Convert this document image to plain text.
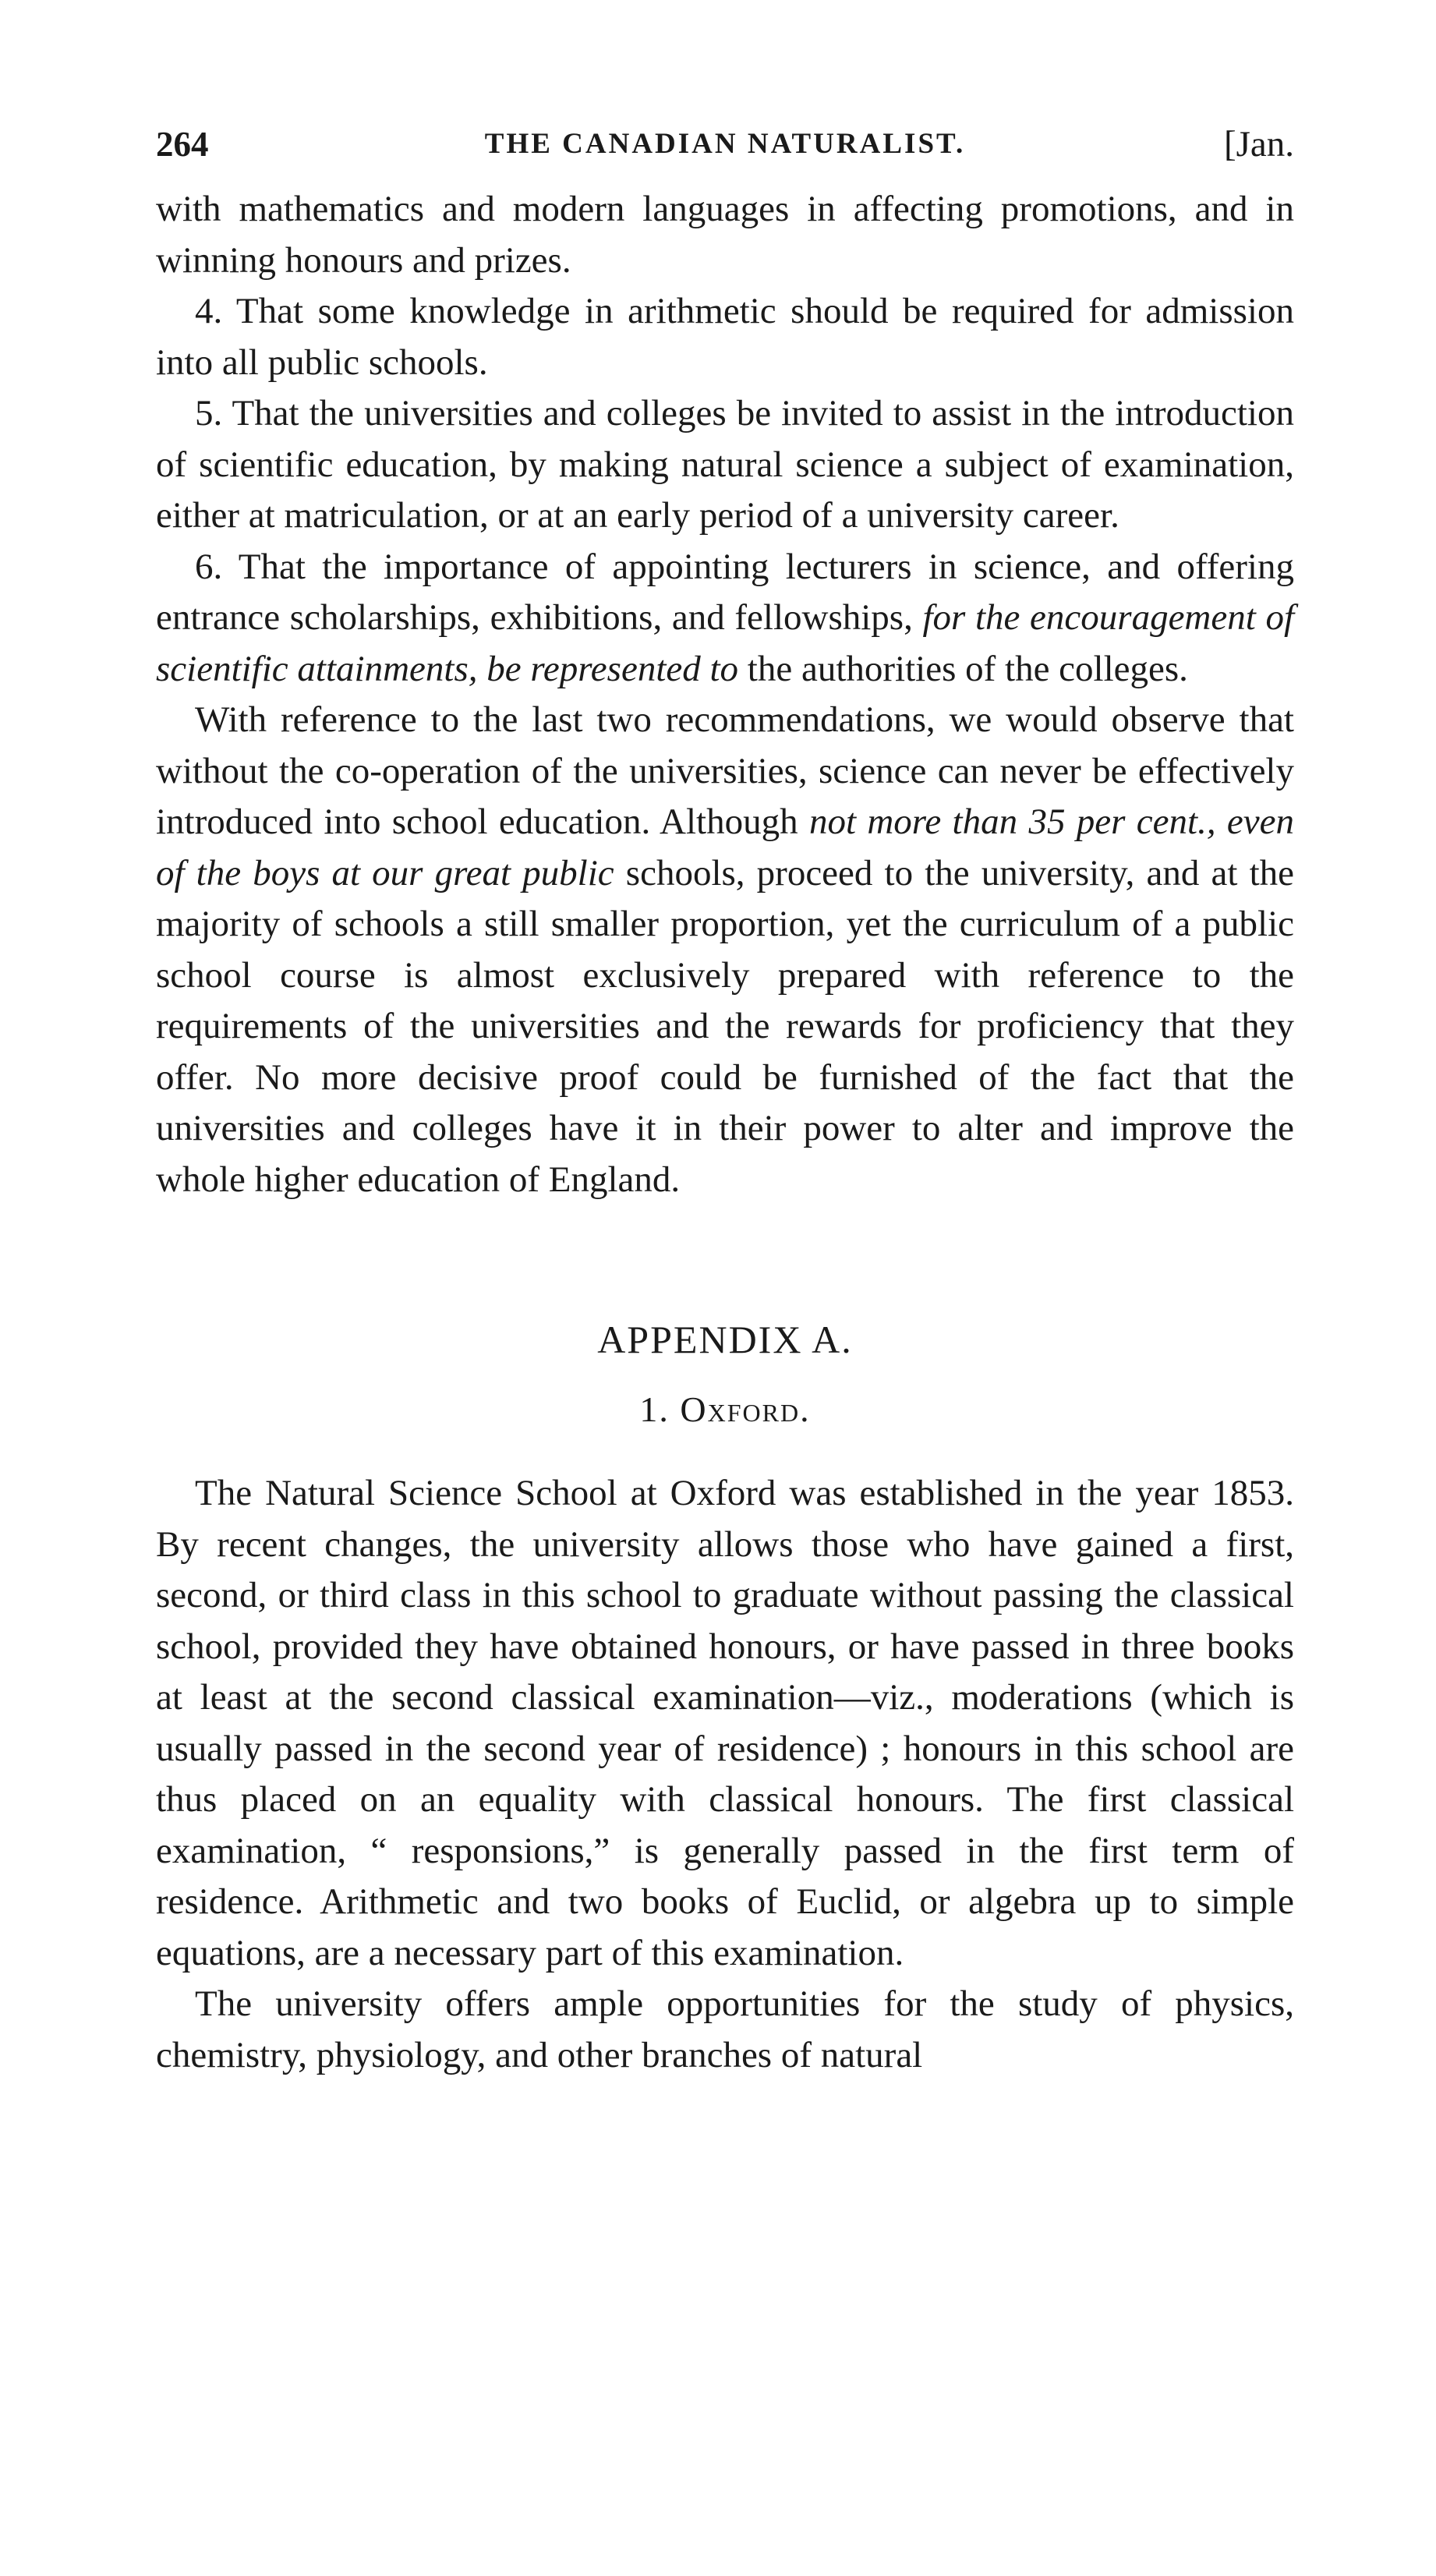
264	THE CANADIAN NATURALIST.	[Jan.

with mathematics and modern languages in affecting promotions, and in winning honours and prizes.

4. That some knowledge in arithmetic should be required for admission into all public schools.

5. That the universities and colleges be invited to assist in the introduction of scientific education, by making natural science a subject of examination, either at matriculation, or at an early period of a university career.

6. That the importance of appointing lecturers in science, and offering entrance scholarships, exhibitions, and fellowships, for the encouragement of scientific attainments, be represented to the authorities of the colleges.

With reference to the last two recommendations, we would observe that without the co-operation of the universities, science can never be effectively introduced into school education. Although not more than 35 per cent., even of the boys at our great public schools, proceed to the university, and at the majority of schools a still smaller proportion, yet the curriculum of a public school course is almost exclusively prepared with reference to the requirements of the universities and the rewards for proficiency that they offer. No more decisive proof could be furnished of the fact that the universities and colleges have it in their power to alter and improve the whole higher education of England.

APPENDIX A.
1. Oxford.

The Natural Science School at Oxford was established in the year 1853. By recent changes, the university allows those who have gained a first, second, or third class in this school to graduate without passing the classical school, provided they have obtained honours, or have passed in three books at least at the second classical examination—viz., moderations (which is usually passed in the second year of residence) ; honours in this school are thus placed on an equality with classical honours. The first classical examination, “ responsions,” is generally passed in the first term of residence. Arithmetic and two books of Euclid, or algebra up to simple equations, are a necessary part of this examination.

The university offers ample opportunities for the study of physics, chemistry, physiology, and other branches of natural
